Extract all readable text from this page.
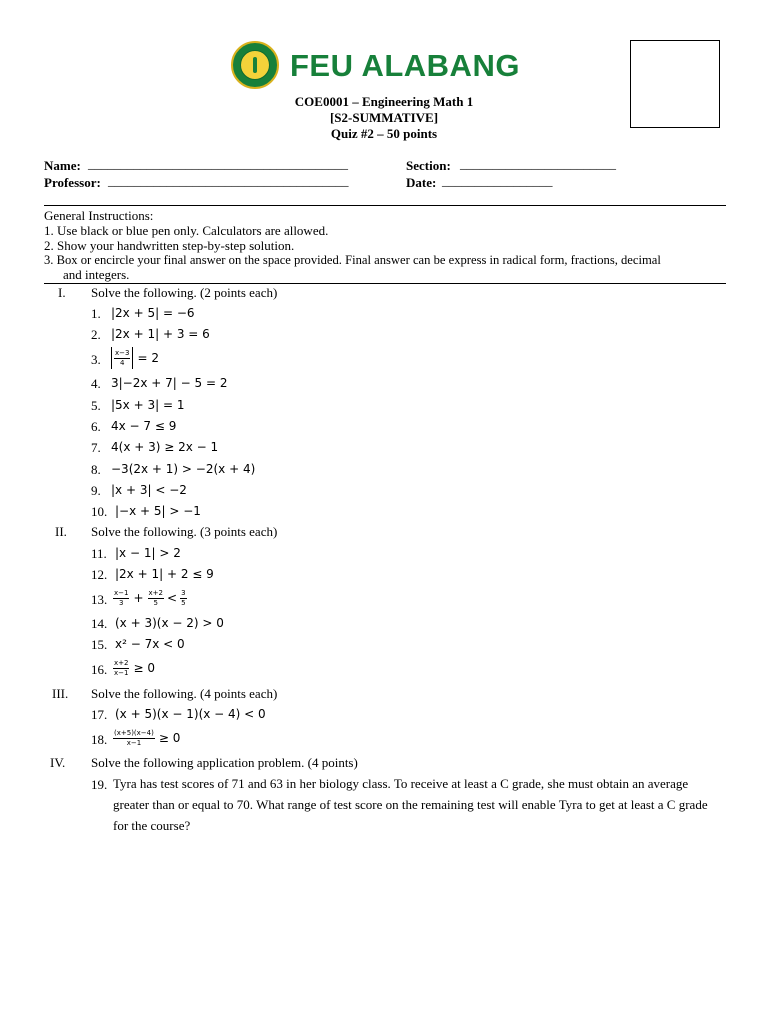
FEU ALABANG
COE0001 – Engineering Math 1
[S2-SUMMATIVE]
Quiz #2 – 50 points
Name: ________________________________________	Section: ________________________
Professor: _____________________________________	Date: _________________
General Instructions:
1. Use black or blue pen only. Calculators are allowed.
2. Show your handwritten step-by-step solution.
3. Box or encircle your final answer on the space provided. Final answer can be express in radical form, fractions, decimal
and integers.
I. Solve the following. (2 points each)
1. |2x + 5| = −6
2. |2x + 1| + 3 = 6
3. $\frac{x-3}{4} = 2$
4. 3|−2x + 7| − 5 = 2
5. |5x + 3| = 1
6. 4x − 7 ≤ 9
7. 4(x + 3) ≥ 2x − 1
8. −3(2x + 1) > −2(x + 4)
9. |x + 3| < −2
10. |−x + 5| > −1
II. Solve the following. (3 points each)
11. |x − 1| > 2
12. |2x + 1| + 2 ≤ 9
13. $\frac{x-1}{3} + \frac{x+2}{5} < \frac{3}{5}$
14. (x + 3)(x − 2) > 0
15. x² − 7x < 0
16. $\frac{x+2}{x-1} \ge 0$
III. Solve the following. (4 points each)
17. (x + 5)(x − 1)(x − 4) < 0
18. $\frac{(x+5)(x-4)}{x-1} \ge 0$
IV. Solve the following application problem. (4 points)
19. Tyra has test scores of 71 and 63 in her biology class. To receive at least a C grade, she must obtain an average greater than or equal to 70. What range of test score on the remaining test will enable Tyra to get at least a C grade for the course?
